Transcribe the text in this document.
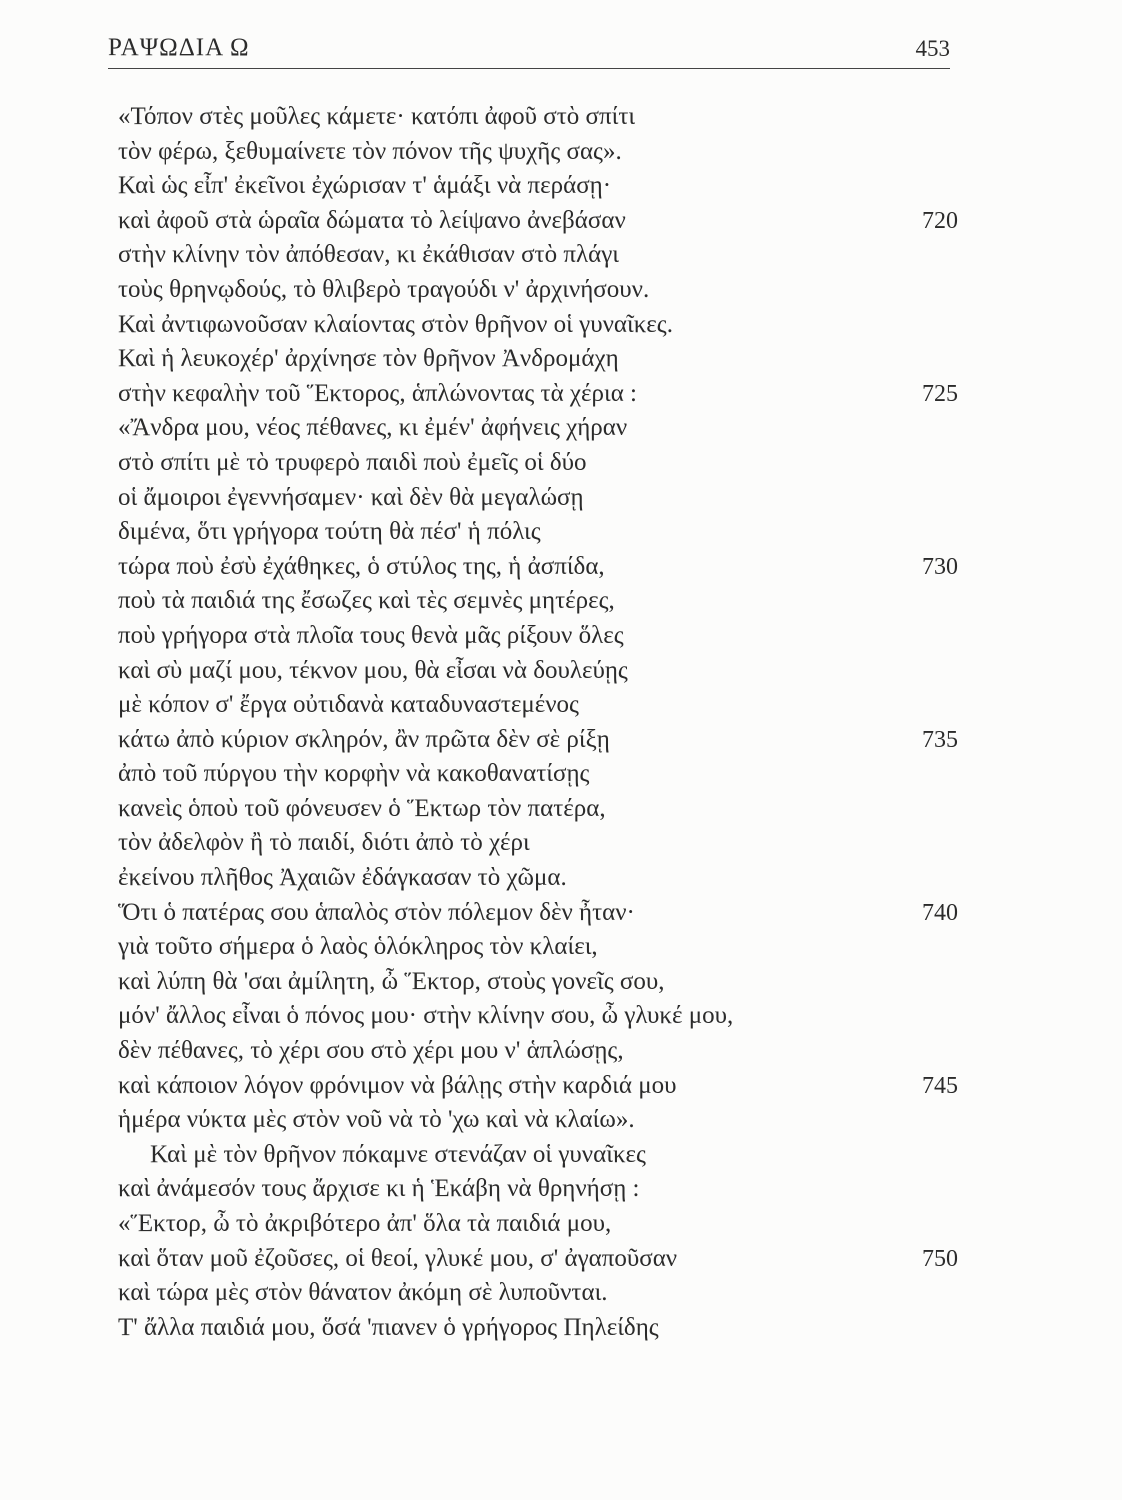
ΡΑΨΩΔΙΑ Ω	453
«Τόπον στὲς μοῦλες κάμετε· κατόπι ἀφοῦ στὸ σπίτι
τὸν φέρω, ξεθυμαίνετε τὸν πόνον τῆς ψυχῆς σας».
Καὶ ὡς εἶπ' ἐκεῖνοι ἐχώρισαν τ' ἁμάξι νὰ περάσῃ·
καὶ ἀφοῦ στὰ ὡραῖα δώματα τὸ λείψανο ἀνεβάσαν	720
στὴν κλίνην τὸν ἀπόθεσαν, κι ἐκάθισαν στὸ πλάγι
τοὺς θρηνῳδούς, τὸ θλιβερὸ τραγούδι ν' ἀρχινήσουν.
Καὶ ἀντιφωνοῦσαν κλαίοντας στὸν θρῆνον οἱ γυναῖκες.
Καὶ ἡ λευκοχέρ' ἀρχίνησε τὸν θρῆνον Ἀνδρομάχη
στὴν κεφαλὴν τοῦ Ἕκτορος, ἁπλώνοντας τὰ χέρια :	725
«Ἄνδρα μου, νέος πέθανες, κι ἐμέν' ἀφήνεις χήραν
στὸ σπίτι μὲ τὸ τρυφερὸ παιδὶ ποὺ ἐμεῖς οἱ δύο
οἱ ἄμοιροι ἐγεννήσαμεν· καὶ δὲν θὰ μεγαλώσῃ
διμένα, ὅτι γρήγορα τούτη θὰ πέσ' ἡ πόλις
τώρα ποὺ ἐσὺ ἐχάθηκες, ὁ στύλος της, ἡ ἀσπίδα,	730
ποὺ τὰ παιδιά της ἔσωζες καὶ τὲς σεμνὲς μητέρες,
ποὺ γρήγορα στὰ πλοῖα τους θενὰ μᾶς ρίξουν ὅλες
καὶ σὺ μαζί μου, τέκνον μου, θὰ εἶσαι νὰ δουλεύῃς
μὲ κόπον σ' ἔργα οὐτιδανὰ καταδυναστεμένος
κάτω ἀπὸ κύριον σκληρόν, ἂν πρῶτα δὲν σὲ ρίξῃ	735
ἀπὸ τοῦ πύργου τὴν κορφὴν νὰ κακοθανατίσῃς
κανεὶς ὁποὺ τοῦ φόνευσεν ὁ Ἕκτωρ τὸν πατέρα,
τὸν ἀδελφὸν ἢ τὸ παιδί, διότι ἀπὸ τὸ χέρι
ἐκείνου πλῆθος Ἀχαιῶν ἐδάγκασαν τὸ χῶμα.
Ὅτι ὁ πατέρας σου ἁπαλὸς στὸν πόλεμον δὲν ἦταν·	740
γιὰ τοῦτο σήμερα ὁ λαὸς ὁλόκληρος τὸν κλαίει,
καὶ λύπη θὰ 'σαι ἀμίλητη, ὦ Ἕκτορ, στοὺς γονεῖς σου,
μόν' ἄλλος εἶναι ὁ πόνος μου· στὴν κλίνην σου, ὦ γλυκέ μου,
δὲν πέθανες, τὸ χέρι σου στὸ χέρι μου ν' ἁπλώσῃς,
καὶ κάποιον λόγον φρόνιμον νὰ βάλῃς στὴν καρδιά μου	745
ἡμέρα νύκτα μὲς στὸν νοῦ νὰ τὸ 'χω καὶ νὰ κλαίω».
Καὶ μὲ τὸν θρῆνον πόκαμνε στενάζαν οἱ γυναῖκες
καὶ ἀνάμεσόν τους ἄρχισε κι ἡ Ἑκάβη νὰ θρηνήσῃ :
«Ἕκτορ, ὦ τὸ ἀκριβότερο ἀπ' ὅλα τὰ παιδιά μου,
καὶ ὅταν μοῦ ἐζοῦσες, οἱ θεοί, γλυκέ μου, σ' ἀγαποῦσαν	750
καὶ τώρα μὲς στὸν θάνατον ἀκόμη σὲ λυποῦνται.
Τ' ἄλλα παιδιά μου, ὅσά 'πιανεν ὁ γρήγορος Πηλείδης
